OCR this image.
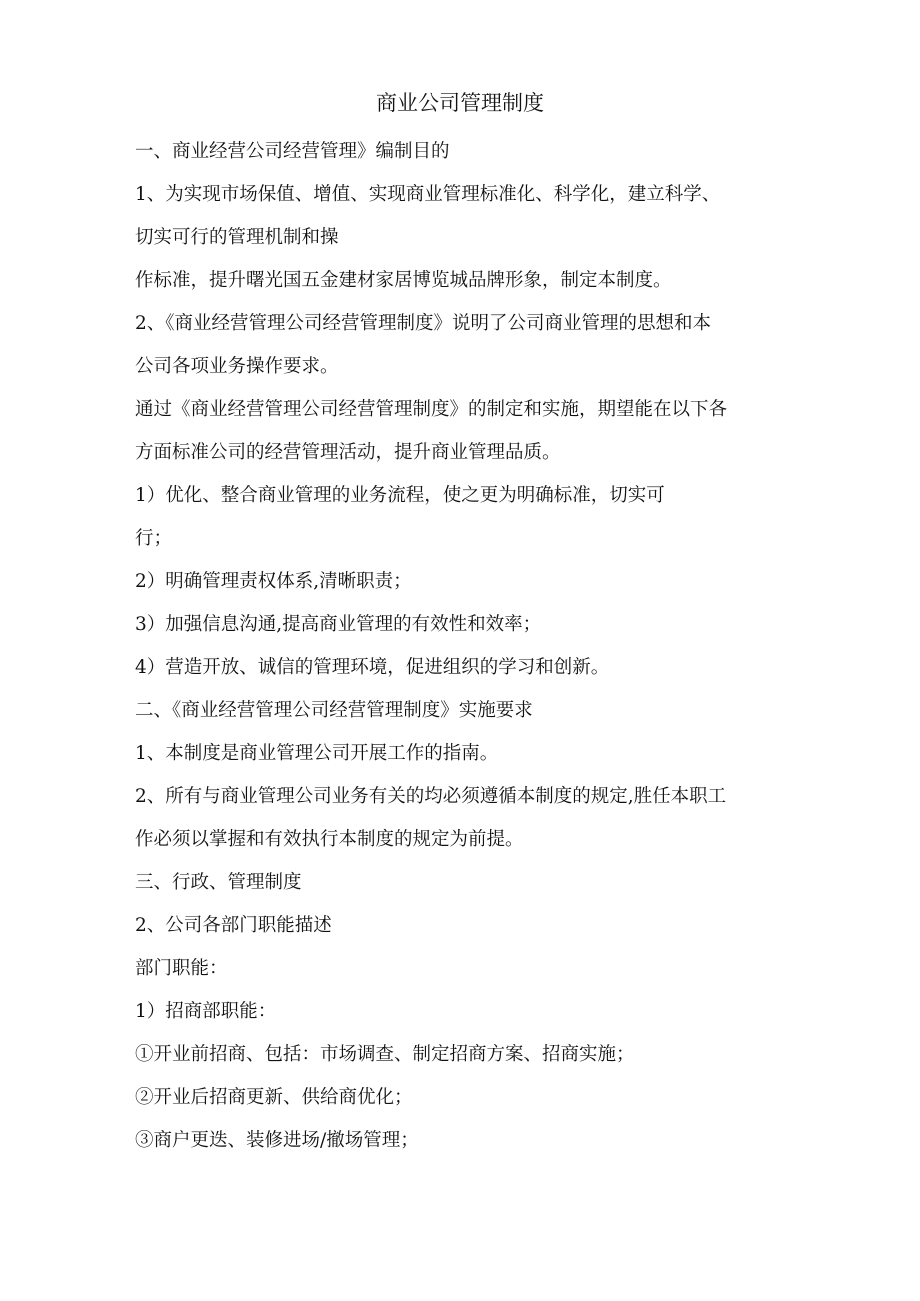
商业公司管理制度
一、商业经营公司经营管理》编制目的
1、为实现市场保值、增值、实现商业管理标准化、科学化，建立科学、
切实可行的管理机制和操
作标准，提升曙光国五金建材家居博览城品牌形象，制定本制度。
2、《商业经营管理公司经营管理制度》说明了公司商业管理的思想和本
公司各项业务操作要求。
通过《商业经营管理公司经营管理制度》的制定和实施，期望能在以下各
方面标准公司的经营管理活动，提升商业管理品质。
1）优化、整合商业管理的业务流程，使之更为明确标准，切实可
行；
2）明确管理责权体系,清晰职责；
3）加强信息沟通,提高商业管理的有效性和效率；
4）营造开放、诚信的管理环境，促进组织的学习和创新。
二、《商业经营管理公司经营管理制度》实施要求
1、本制度是商业管理公司开展工作的指南。
2、所有与商业管理公司业务有关的均必须遵循本制度的规定,胜任本职工
作必须以掌握和有效执行本制度的规定为前提。
三、行政、管理制度
2、公司各部门职能描述
部门职能：
1）招商部职能：
①开业前招商、包括：市场调查、制定招商方案、招商实施；
②开业后招商更新、供给商优化；
③商户更迭、装修进场/撤场管理；
